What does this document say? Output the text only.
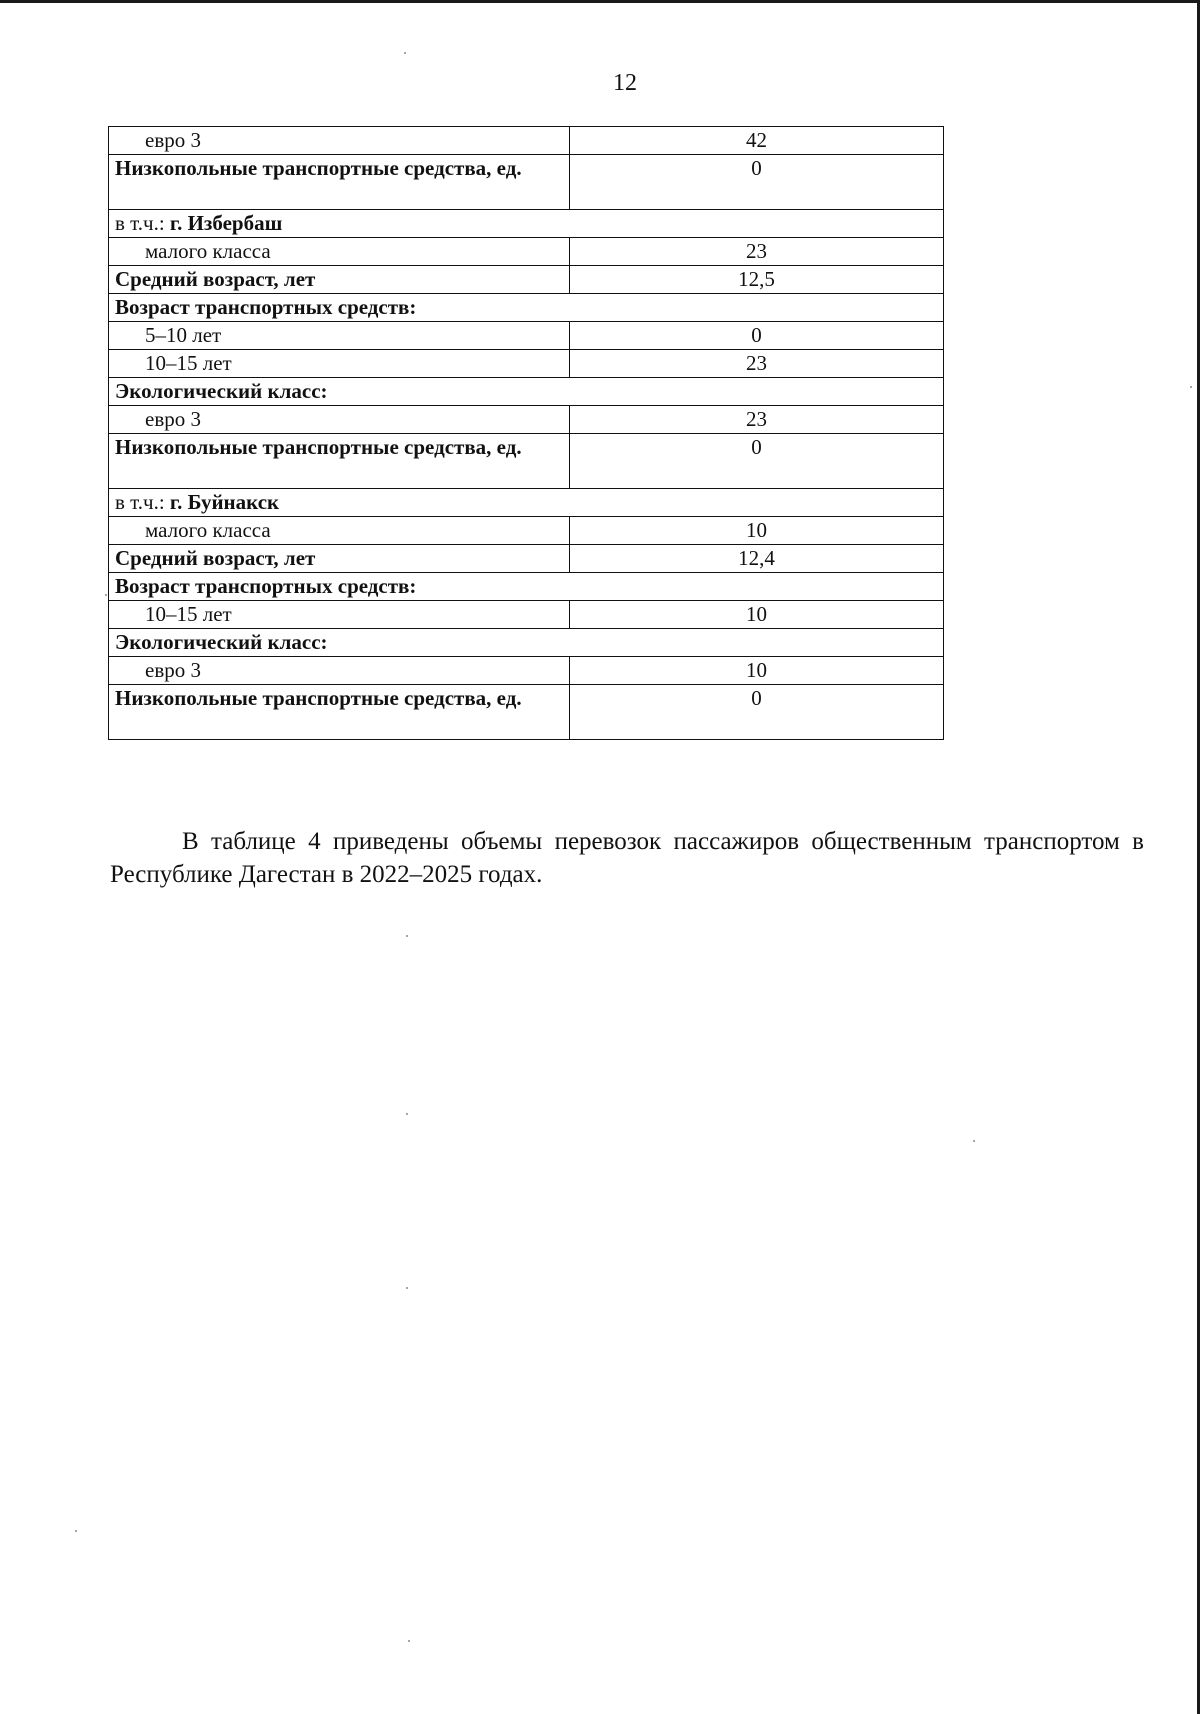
12
евро 3	42
Низкопольные транспортные средства, ед.	0
в т.ч.: г. Избербаш	
малого класса	23
Средний возраст, лет	12,5
Возраст транспортных средств:	
5–10 лет	0
10–15 лет	23
Экологический класс:	
евро 3	23
Низкопольные транспортные средства, ед.	0
в т.ч.: г. Буйнакск	
малого класса	10
Средний возраст, лет	12,4
Возраст транспортных средств:	
10–15 лет	10
Экологический класс:	
евро 3	10
Низкопольные транспортные средства, ед.	0

В таблице 4 приведены объемы перевозок пассажиров общественным транспортом в Республике Дагестан в 2022–2025 годах.
